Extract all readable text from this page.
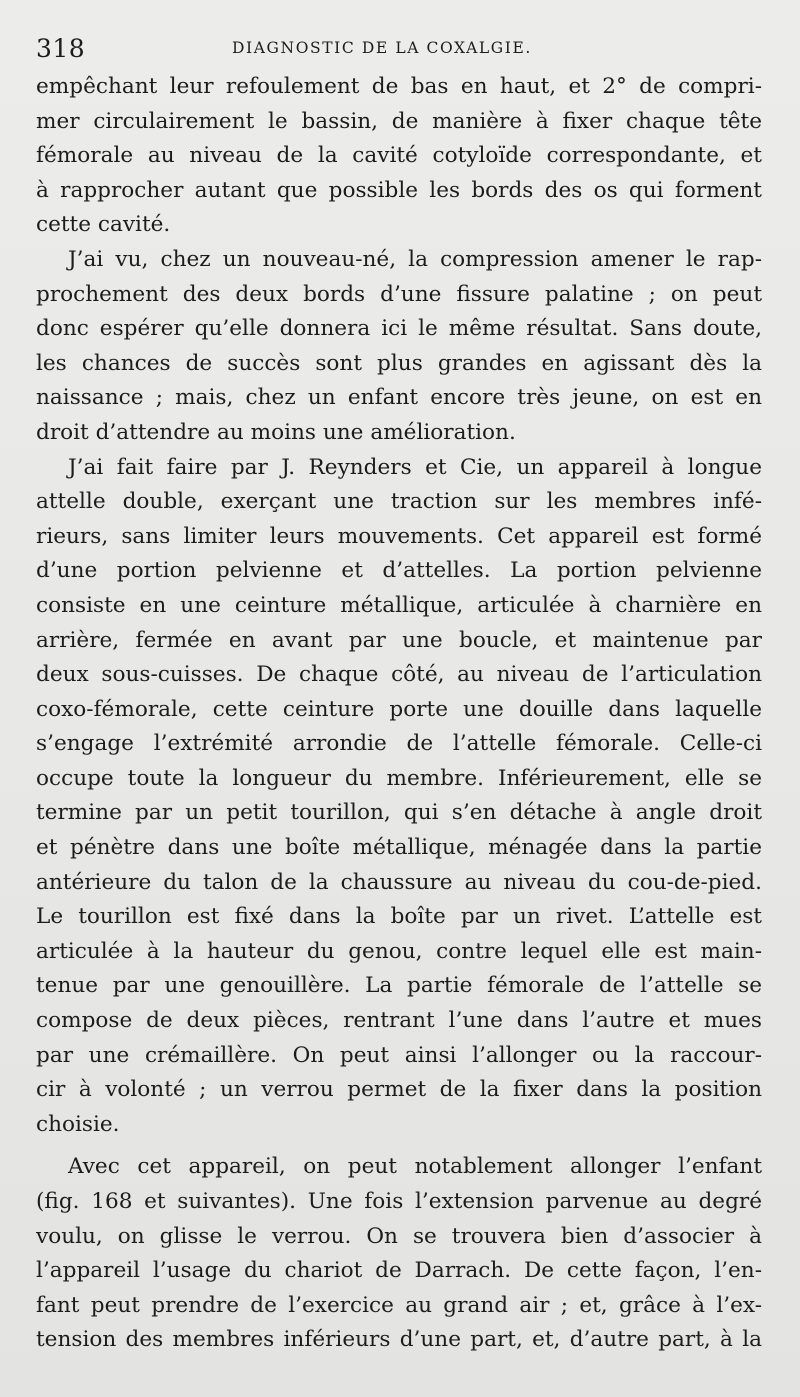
318	DIAGNOSTIC DE LA COXALGIE.
empêchant leur refoulement de bas en haut, et 2° de compri-
mer circulairement le bassin, de manière à fixer chaque tête
fémorale au niveau de la cavité cotyloïde correspondante, et
à rapprocher autant que possible les bords des os qui forment
cette cavité.
J’ai vu, chez un nouveau-né, la compression amener le rap-
prochement des deux bords d’une fissure palatine ; on peut
donc espérer qu’elle donnera ici le même résultat. Sans doute,
les chances de succès sont plus grandes en agissant dès la
naissance ; mais, chez un enfant encore très jeune, on est en
droit d’attendre au moins une amélioration.
J’ai fait faire par J. Reynders et Cie, un appareil à longue
attelle double, exerçant une traction sur les membres infé-
rieurs, sans limiter leurs mouvements. Cet appareil est formé
d’une portion pelvienne et d’attelles. La portion pelvienne
consiste en une ceinture métallique, articulée à charnière en
arrière, fermée en avant par une boucle, et maintenue par
deux sous-cuisses. De chaque côté, au niveau de l’articulation
coxo-fémorale, cette ceinture porte une douille dans laquelle
s’engage l’extrémité arrondie de l’attelle fémorale. Celle-ci
occupe toute la longueur du membre. Inférieurement, elle se
termine par un petit tourillon, qui s’en détache à angle droit
et pénètre dans une boîte métallique, ménagée dans la partie
antérieure du talon de la chaussure au niveau du cou-de-pied.
Le tourillon est fixé dans la boîte par un rivet. L’attelle est
articulée à la hauteur du genou, contre lequel elle est main-
tenue par une genouillère. La partie fémorale de l’attelle se
compose de deux pièces, rentrant l’une dans l’autre et mues
par une crémaillère. On peut ainsi l’allonger ou la raccour-
cir à volonté ; un verrou permet de la fixer dans la position
choisie.
Avec cet appareil, on peut notablement allonger l’enfant
(fig. 168 et suivantes). Une fois l’extension parvenue au degré
voulu, on glisse le verrou. On se trouvera bien d’associer à
l’appareil l’usage du chariot de Darrach. De cette façon, l’en-
fant peut prendre de l’exercice au grand air ; et, grâce à l’ex-
tension des membres inférieurs d’une part, et, d’autre part, à la
